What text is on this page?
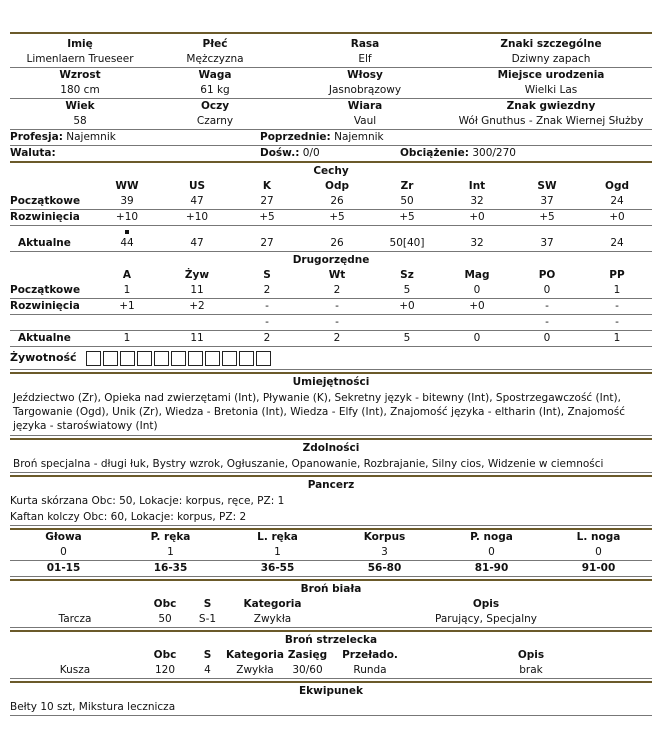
Imię	Płeć	Rasa	Znaki szczególne
Limenlaern Trueseer	Mężczyzna	Elf	Dziwny zapach
Wzrost	Waga	Włosy	Miejsce urodzenia
180 cm	61 kg	Jasnobrązowy	Wielki Las
Wiek	Oczy	Wiara	Znak gwiezdny
58	Czarny	Vaul	Wół Gnuthus - Znak Wiernej Służby
Profesja: Najemnik	Poprzednie: Najemnik
Waluta:	Dośw.: 0/0	Obciążenie: 300/270
Cechy
	WW	US	K	Odp	Zr	Int	SW	Ogd
Początkowe	39	47	27	26	50	32	37	24
Rozwinięcia	+10	+10	+5	+5	+5	+0	+5	+0

Aktualne	44	47	27	26	50[40]	32	37	24
Drugorzędne
	A	Żyw	S	Wt	Sz	Mag	PO	PP
Początkowe	1	11	2	2	5	0	0	1
Rozwinięcia	+1	+2	-	-	+0	+0	-	-
			-	-			-	-
Aktualne	1	11	2	2	5	0	0	1
Żywotność
Umiejętności
Jeździectwo (Zr), Opieka nad zwierzętami (Int), Pływanie (K), Sekretny język - bitewny (Int), Spostrzegawczość (Int), Targowanie (Ogd), Unik (Zr), Wiedza - Bretonia (Int), Wiedza - Elfy (Int), Znajomość języka - eltharin (Int), Znajomość języka - staroświatowy (Int)
Zdolności
Broń specjalna - długi łuk, Bystry wzrok, Ogłuszanie, Opanowanie, Rozbrajanie, Silny cios, Widzenie w ciemności
Pancerz
Kurta skórzana Obc: 50, Lokacje: korpus, ręce, PZ: 1
Kaftan kolczy Obc: 60, Lokacje: korpus, PZ: 2
Głowa	P. ręka	L. ręka	Korpus	P. noga	L. noga
0	1	1	3	0	0
01-15	16-35	36-55	56-80	81-90	91-00
Broń biała
	Obc	S	Kategoria	Opis
Tarcza	50	S-1	Zwykła	Parujący, Specjalny
Broń strzelecka
	Obc	S	Kategoria	Zasięg	Przeładο.	Opis
Kusza	120	4	Zwykła	30/60	Runda	brak
Ekwipunek
Bełty 10 szt, Mikstura lecznicza
